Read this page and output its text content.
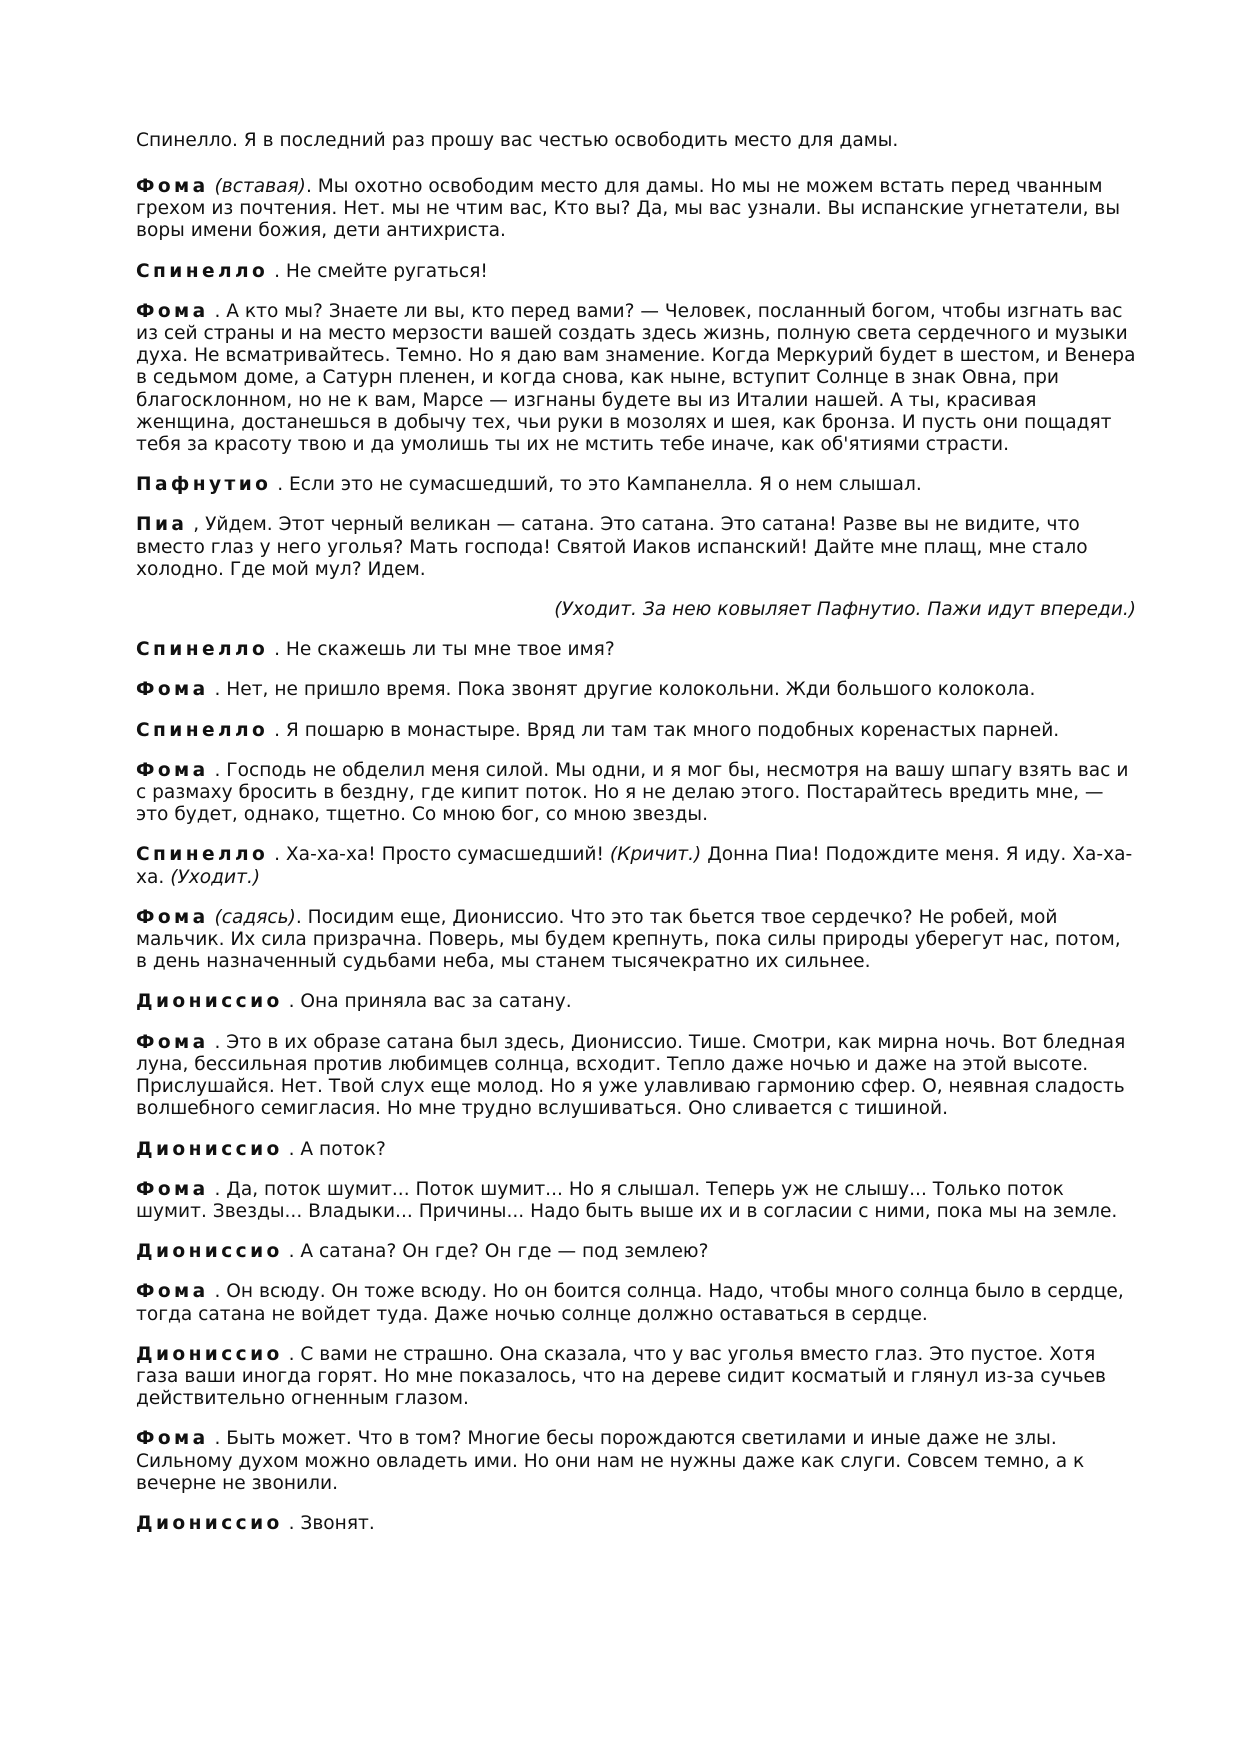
Спинелло. Я в последний раз прошу вас честью освободить место для дамы.

Фома (вставая). Мы охотно освободим место для дамы. Но мы не можем встать перед чванным грехом из почтения. Нет. мы не чтим вас, Кто вы? Да, мы вас узнали. Вы испанские угнетатели, вы воры имени божия, дети антихриста.

Спинелло . Не смейте ругаться!

Фома . А кто мы? Знаете ли вы, кто перед вами? — Человек, посланный богом, чтобы изгнать вас из сей страны и на место мерзости вашей создать здесь жизнь, полную света сердечного и музыки духа. Не всматривайтесь. Темно. Но я даю вам знамение. Когда Меркурий будет в шестом, и Венера в седьмом доме, а Сатурн пленен, и когда снова, как ныне, вступит Солнце в знак Овна, при благосклонном, но не к вам, Марсе — изгнаны будете вы из Италии нашей. А ты, красивая женщина, достанешься в добычу тех, чьи руки в мозолях и шея, как бронза. И пусть они пощадят тебя за красоту твою и да умолишь ты их не мстить тебе иначе, как об'ятиями страсти.

Пафнутио . Если это не сумасшедший, то это Кампанелла. Я о нем слышал.

Пиа , Уйдем. Этот черный великан — сатана. Это сатана. Это сатана! Разве вы не видите, что вместо глаз у него уголья? Мать господа! Святой Иаков испанский! Дайте мне плащ, мне стало холодно. Где мой мул? Идем.

(Уходит. За нею ковыляет Пафнутио. Пажи идут впереди.)

Спинелло . Не скажешь ли ты мне твое имя?

Фома . Нет, не пришло время. Пока звонят другие колокольни. Жди большого колокола.

Спинелло . Я пошарю в монастыре. Вряд ли там так много подобных коренастых парней.

Фома . Господь не обделил меня силой. Мы одни, и я мог бы, несмотря на вашу шпагу взять вас и с размаху бросить в бездну, где кипит поток. Но я не делаю этого. Постарайтесь вредить мне, — это будет, однако, тщетно. Со мною бог, со мною звезды.

Спинелло . Ха-ха-ха! Просто сумасшедший! (Кричит.) Донна Пиа! Подождите меня. Я иду. Ха-ха-ха. (Уходит.)

Фома (садясь). Посидим еще, Диониссио. Что это так бьется твое сердечко? Не робей, мой мальчик. Их сила призрачна. Поверь, мы будем крепнуть, пока силы природы уберегут нас, потом, в день назначенный судьбами неба, мы станем тысячекратно их сильнее.

Диониссио . Она приняла вас за сатану.

Фома . Это в их образе сатана был здесь, Диониссио. Тише. Смотри, как мирна ночь. Вот бледная луна, бессильная против любимцев солнца, всходит. Тепло даже ночью и даже на этой высоте. Прислушайся. Нет. Твой слух еще молод. Но я уже улавливаю гармонию сфер. О, неявная сладость волшебного семигласия. Но мне трудно вслушиваться. Оно сливается с тишиной.

Диониссио . А поток?

Фома . Да, поток шумит... Поток шумит... Но я слышал. Теперь уж не слышу... Только поток шумит. Звезды... Владыки... Причины... Надо быть выше их и в согласии с ними, пока мы на земле.

Диониссио . А сатана? Он где? Он где — под землею?

Фома . Он всюду. Он тоже всюду. Но он боится солнца. Надо, чтобы много солнца было в сердце, тогда сатана не войдет туда. Даже ночью солнце должно оставаться в сердце.

Диониссио . С вами не страшно. Она сказала, что у вас уголья вместо глаз. Это пустое. Хотя газа ваши иногда горят. Но мне показалось, что на дереве сидит косматый и глянул из-за сучьев действительно огненным глазом.

Фома . Быть может. Что в том? Многие бесы порождаются светилами и иные даже не злы. Сильному духом можно овладеть ими. Но они нам не нужны даже как слуги. Совсем темно, а к вечерне не звонили.

Диониссио . Звонят.
